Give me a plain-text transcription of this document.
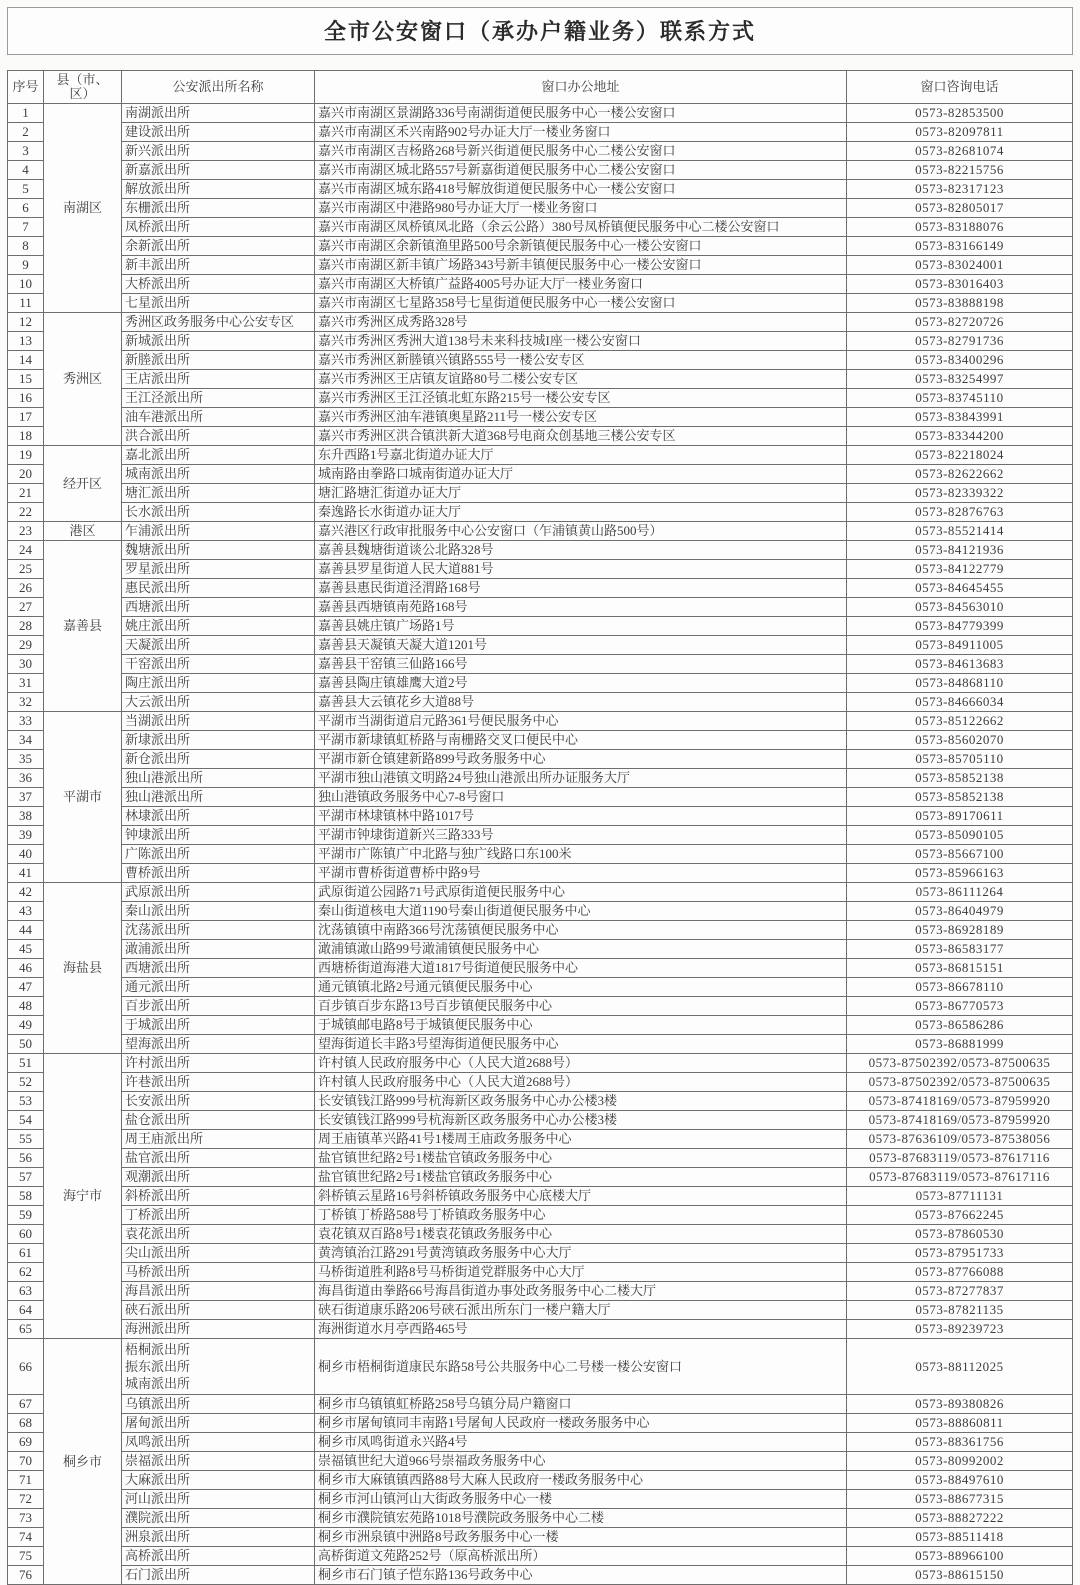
全市公安窗口（承办户籍业务）联系方式
序号	县（市、区）	公安派出所名称	窗口办公地址	窗口咨询电话
1	南湖区	南湖派出所	嘉兴市南湖区景湖路336号南湖街道便民服务中心一楼公安窗口	0573-82853500
2		建设派出所	嘉兴市南湖区禾兴南路902号办证大厅一楼业务窗口	0573-82097811
3		新兴派出所	嘉兴市南湖区吉杨路268号新兴街道便民服务中心二楼公安窗口	0573-82681074
4		新嘉派出所	嘉兴市南湖区城北路557号新嘉街道便民服务中心二楼公安窗口	0573-82215756
5		解放派出所	嘉兴市南湖区城东路418号解放街道便民服务中心一楼公安窗口	0573-82317123
6		东栅派出所	嘉兴市南湖区中港路980号办证大厅一楼业务窗口	0573-82805017
7		凤桥派出所	嘉兴市南湖区凤桥镇凤北路（余云公路）380号凤桥镇便民服务中心二楼公安窗口	0573-83188076
8		余新派出所	嘉兴市南湖区余新镇渔里路500号余新镇便民服务中心一楼公安窗口	0573-83166149
9		新丰派出所	嘉兴市南湖区新丰镇广场路343号新丰镇便民服务中心一楼公安窗口	0573-83024001
10		大桥派出所	嘉兴市南湖区大桥镇广益路4005号办证大厅一楼业务窗口	0573-83016403
11		七星派出所	嘉兴市南湖区七星路358号七星街道便民服务中心一楼公安窗口	0573-83888198
12	秀洲区	秀洲区政务服务中心公安专区	嘉兴市秀洲区成秀路328号	0573-82720726
13		新城派出所	嘉兴市秀洲区秀洲大道138号未来科技城I座一楼公安窗口	0573-82791736
14		新塍派出所	嘉兴市秀洲区新塍镇兴镇路555号一楼公安专区	0573-83400296
15		王店派出所	嘉兴市秀洲区王店镇友谊路80号二楼公安专区	0573-83254997
16		王江泾派出所	嘉兴市秀洲区王江泾镇北虹东路215号一楼公安专区	0573-83745110
17		油车港派出所	嘉兴市秀洲区油车港镇奥星路211号一楼公安专区	0573-83843991
18		洪合派出所	嘉兴市秀洲区洪合镇洪新大道368号电商众创基地三楼公安专区	0573-83344200
19	经开区	嘉北派出所	东升西路1号嘉北街道办证大厅	0573-82218024
20		城南派出所	城南路由拳路口城南街道办证大厅	0573-82622662
21		塘汇派出所	塘汇路塘汇街道办证大厅	0573-82339322
22		长水派出所	秦逸路长水街道办证大厅	0573-82876763
23	港区	乍浦派出所	嘉兴港区行政审批服务中心公安窗口（乍浦镇黄山路500号）	0573-85521414
24	嘉善县	魏塘派出所	嘉善县魏塘街道谈公北路328号	0573-84121936
25		罗星派出所	嘉善县罗星街道人民大道881号	0573-84122779
26		惠民派出所	嘉善县惠民街道泾渭路168号	0573-84645455
27		西塘派出所	嘉善县西塘镇南苑路168号	0573-84563010
28		姚庄派出所	嘉善县姚庄镇广场路1号	0573-84779399
29		天凝派出所	嘉善县天凝镇天凝大道1201号	0573-84911005
30		干窑派出所	嘉善县干窑镇三仙路166号	0573-84613683
31		陶庄派出所	嘉善县陶庄镇雄鹰大道2号	0573-84868110
32		大云派出所	嘉善县大云镇花乡大道88号	0573-84666034
33	平湖市	当湖派出所	平湖市当湖街道启元路361号便民服务中心	0573-85122662
34		新埭派出所	平湖市新埭镇虹桥路与南栅路交叉口便民中心	0573-85602070
35		新仓派出所	平湖市新仓镇建新路899号政务服务中心	0573-85705110
36		独山港派出所	平湖市独山港镇文明路24号独山港派出所办证服务大厅	0573-85852138
37		独山港派出所	独山港镇政务服务中心7-8号窗口	0573-85852138
38		林埭派出所	平湖市林埭镇林中路1017号	0573-89170611
39		钟埭派出所	平湖市钟埭街道新兴三路333号	0573-85090105
40		广陈派出所	平湖市广陈镇广中北路与独广线路口东100米	0573-85667100
41		曹桥派出所	平湖市曹桥街道曹桥中路9号	0573-85966163
42	海盐县	武原派出所	武原街道公园路71号武原街道便民服务中心	0573-86111264
43		秦山派出所	秦山街道核电大道1190号秦山街道便民服务中心	0573-86404979
44		沈荡派出所	沈荡镇镇中南路366号沈荡镇便民服务中心	0573-86928189
45		澉浦派出所	澉浦镇澉山路99号澉浦镇便民服务中心	0573-86583177
46		西塘派出所	西塘桥街道海港大道1817号街道便民服务中心	0573-86815151
47		通元派出所	通元镇镇北路2号通元镇便民服务中心	0573-86678110
48		百步派出所	百步镇百步东路13号百步镇便民服务中心	0573-86770573
49		于城派出所	于城镇邮电路8号于城镇便民服务中心	0573-86586286
50		望海派出所	望海街道长丰路3号望海街道便民服务中心	0573-86881999
51	海宁市	许村派出所	许村镇人民政府服务中心（人民大道2688号）	0573-87502392/0573-87500635
52		许巷派出所	许村镇人民政府服务中心（人民大道2688号）	0573-87502392/0573-87500635
53		长安派出所	长安镇钱江路999号杭海新区政务服务中心办公楼3楼	0573-87418169/0573-87959920
54		盐仓派出所	长安镇钱江路999号杭海新区政务服务中心办公楼3楼	0573-87418169/0573-87959920
55		周王庙派出所	周王庙镇革兴路41号1楼周王庙政务服务中心	0573-87636109/0573-87538056
56		盐官派出所	盐官镇世纪路2号1楼盐官镇政务服务中心	0573-87683119/0573-87617116
57		观潮派出所	盐官镇世纪路2号1楼盐官镇政务服务中心	0573-87683119/0573-87617116
58		斜桥派出所	斜桥镇云星路16号斜桥镇政务服务中心底楼大厅	0573-87711131
59		丁桥派出所	丁桥镇丁桥路588号丁桥镇政务服务中心	0573-87662245
60		袁花派出所	袁花镇双百路8号1楼袁花镇政务服务中心	0573-87860530
61		尖山派出所	黄湾镇治江路291号黄湾镇政务服务中心大厅	0573-87951733
62		马桥派出所	马桥街道胜利路8号马桥街道党群服务中心大厅	0573-87766088
63		海昌派出所	海昌街道由拳路66号海昌街道办事处政务服务中心二楼大厅	0573-87277837
64		硖石派出所	硖石街道康乐路206号硖石派出所东门一楼户籍大厅	0573-87821135
65		海洲派出所	海洲街道水月亭西路465号	0573-89239723
66	桐乡市	梧桐派出所
振东派出所
城南派出所	桐乡市梧桐街道康民东路58号公共服务中心二号楼一楼公安窗口	0573-88112025
67		乌镇派出所	桐乡市乌镇镇虹桥路258号乌镇分局户籍窗口	0573-89380826
68		屠甸派出所	桐乡市屠甸镇同丰南路1号屠甸人民政府一楼政务服务中心	0573-88860811
69		凤鸣派出所	桐乡市凤鸣街道永兴路4号	0573-88361756
70		崇福派出所	崇福镇世纪大道966号崇福政务服务中心	0573-80992002
71		大麻派出所	桐乡市大麻镇镇西路88号大麻人民政府一楼政务服务中心	0573-88497610
72		河山派出所	桐乡市河山镇河山大街政务服务中心一楼	0573-88677315
73		濮院派出所	桐乡市濮院镇宏苑路1018号濮院政务服务中心二楼	0573-88827222
74		洲泉派出所	桐乡市洲泉镇中洲路8号政务服务中心一楼	0573-88511418
75		高桥派出所	高桥街道文苑路252号（原高桥派出所）	0573-88966100
76		石门派出所	桐乡市石门镇子恺东路136号政务中心	0573-88615150
